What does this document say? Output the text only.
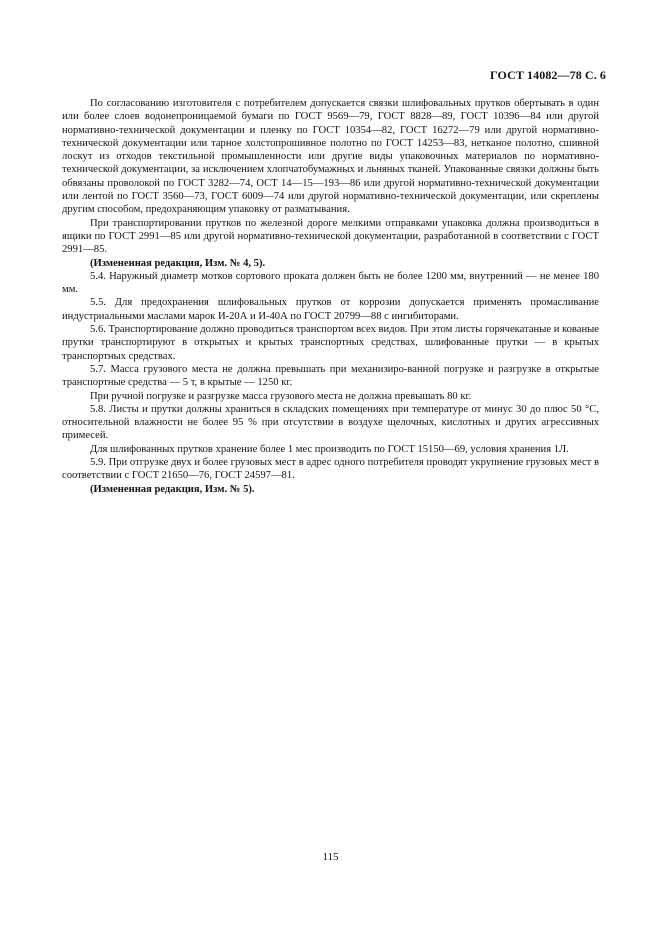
ГОСТ 14082—78 С. 6

По согласованию изготовителя с потребителем допускается связки шлифовальных прутков обертывать в один или более слоев водонепроницаемой бумаги по ГОСТ 9569—79, ГОСТ 8828—89, ГОСТ 10396—84 или другой нормативно-технической документации и пленку по ГОСТ 10354—82, ГОСТ 16272—79 или другой нормативно-технической документации или тарное холстопрошивное полотно по ГОСТ 14253—83, нетканое полотно, сшивной лоскут из отходов текстильной промышленности или другие виды упаковочных материалов по нормативно-технической документации, за исключением хлопчатобумажных и льняных тканей. Упакованные связки должны быть обвязаны проволокой по ГОСТ 3282—74, ОСТ 14—15—193—86 или другой нормативно-технической документации или лентой по ГОСТ 3560—73, ГОСТ 6009—74 или другой нормативно-технической документации, или скреплены другим способом, предохраняющим упаковку от разматывания.

При транспортировании прутков по железной дороге мелкими отправками упаковка должна производиться в ящики по ГОСТ 2991—85 или другой нормативно-технической документации, разработанной в соответствии с ГОСТ 2991—85.

(Измененная редакция, Изм. № 4, 5).

5.4. Наружный диаметр мотков сортового проката должен быть не более 1200 мм, внутренний — не менее 180 мм.

5.5. Для предохранения шлифовальных прутков от коррозии допускается применять промасливание индустриальными маслами марок И-20А и И-40А по ГОСТ 20799—88 с ингибиторами.

5.6. Транспортирование должно проводиться транспортом всех видов. При этом листы горячекатаные и кованые прутки транспортируют в открытых и крытых транспортных средствах, шлифованные прутки — в крытых транспортных средствах.

5.7. Масса грузового места не должна превышать при механизиро-ванной погрузке и разгрузке в открытые транспортные средства — 5 т, в крытые — 1250 кг.

При ручной погрузке и разгрузке масса грузового места не должна превышать 80 кг.

5.8. Листы и прутки должны храниться в складских помещениях при температуре от минус 30 до плюс 50 °С, относительной влажности не более 95 % при отсутствии в воздухе щелочных, кислотных и других агрессивных примесей.

Для шлифованных прутков хранение более 1 мес производить по ГОСТ 15150—69, условия хранения 1Л.

5.9. При отгрузке двух и более грузовых мест в адрес одного потребителя проводят укрупнение грузовых мест в соответствии с ГОСТ 21650—76, ГОСТ 24597—81.

(Измененная редакция, Изм. № 5).

115
